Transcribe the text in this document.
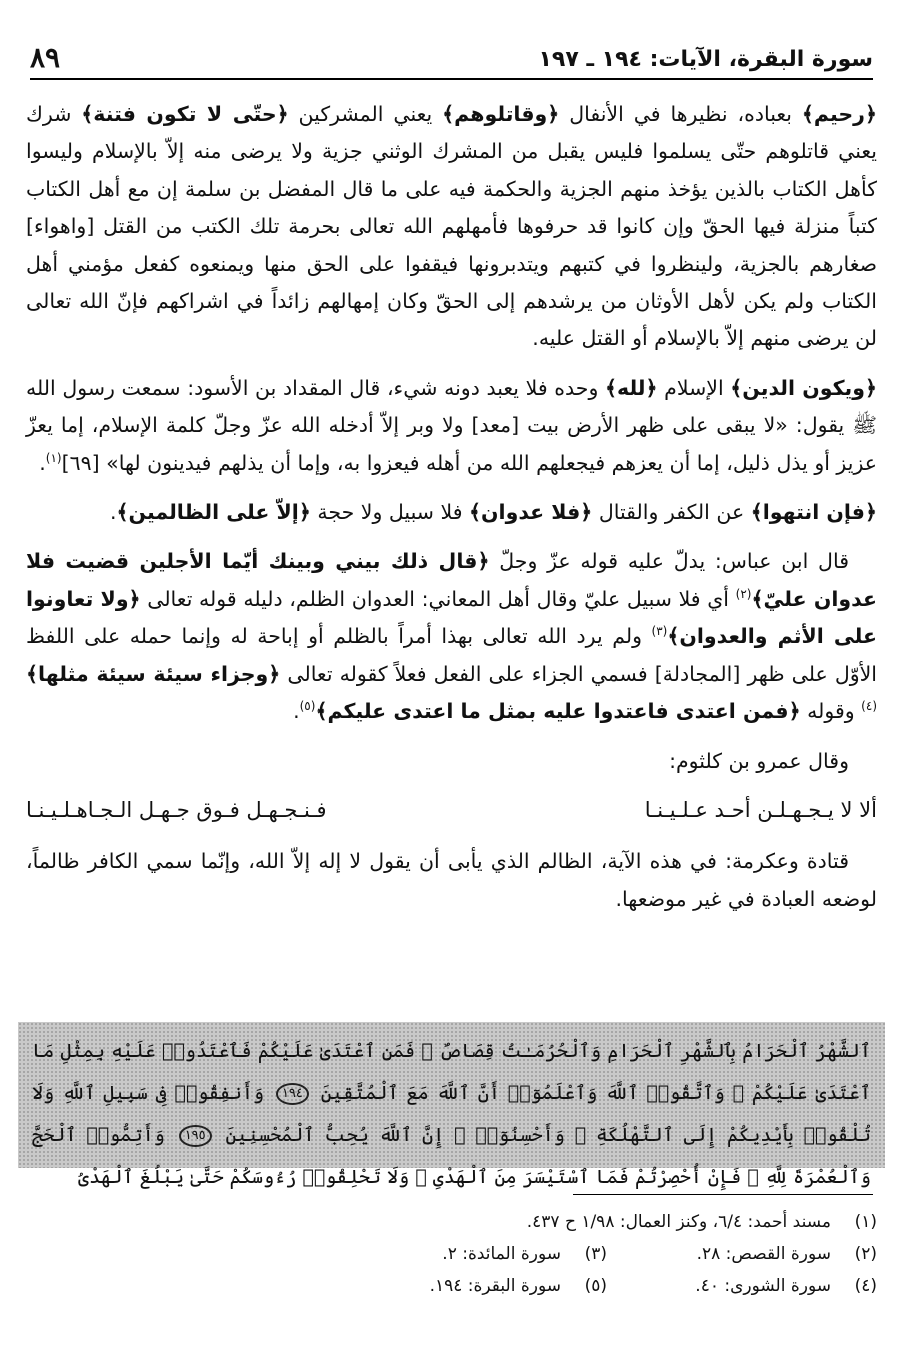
٨٩	سورة البقرة، الآيات: ١٩٤ ـ ١٩٧

﴿رحيم﴾ بعباده، نظيرها في الأنفال ﴿وقاتلوهم﴾ يعني المشركين ﴿حتّى لا تكون فتنة﴾ شرك يعني قاتلوهم حتّى يسلموا فليس يقبل من المشرك الوثني جزية ولا يرضى منه إلاّ بالإسلام وليسوا كأهل الكتاب بالذين يؤخذ منهم الجزية والحكمة فيه على ما قال المفضل بن سلمة إن مع أهل الكتاب كتباً منزلة فيها الحقّ وإن كانوا قد حرفوها فأمهلهم الله تعالى بحرمة تلك الكتب من القتل [واهواء] صغارهم بالجزية، ولينظروا في كتبهم ويتدبرونها فيقفوا على الحق منها ويمنعوه كفعل مؤمني أهل الكتاب ولم يكن لأهل الأوثان من يرشدهم إلى الحقّ وكان إمهالهم زائداً في اشراكهم فإنّ الله تعالى لن يرضى منهم إلاّ بالإسلام أو القتل عليه.

﴿ويكون الدين﴾ الإسلام ﴿لله﴾ وحده فلا يعبد دونه شيء، قال المقداد بن الأسود: سمعت رسول الله ﷺ يقول: «لا يبقى على ظهر الأرض بيت [معد] ولا وبر إلاّ أدخله الله عزّ وجلّ كلمة الإسلام، إما يعزّ عزيز أو يذل ذليل، إما أن يعزهم فيجعلهم الله من أهله فيعزوا به، وإما أن يذلهم فيدينون لها» [٦٩]$^{(١)}$.

﴿فإن انتهوا﴾ عن الكفر والقتال ﴿فلا عدوان﴾ فلا سبيل ولا حجة ﴿إلاّ على الظالمين﴾.

قال ابن عباس: يدلّ عليه قوله عزّ وجلّ ﴿قال ذلك بيني وبينك أيّما الأجلين قضيت فلا عدوان عليّ﴾$^{(٢)}$ أي فلا سبيل عليّ وقال أهل المعاني: العدوان الظلم، دليله قوله تعالى ﴿ولا تعاونوا على الأثم والعدوان﴾$^{(٣)}$ ولم يرد الله تعالى بهذا أمراً بالظلم أو إباحة له وإنما حمله على اللفظ الأوّل على ظهر [المجادلة] فسمي الجزاء على الفعل فعلاً كقوله تعالى ﴿وجزاء سيئة سيئة مثلها﴾$^{(٤)}$ وقوله ﴿فمن اعتدى فاعتدوا عليه بمثل ما اعتدى عليكم﴾$^{(٥)}$.

وقال عمرو بن كلثوم:

ألا لا يـجـهـلـن أحـد عـلـيـنـا
فـنـجـهـل فـوق جـهـل الـجـاهـلـيـنـا

قتادة وعكرمة: في هذه الآية، الظالم الذي يأبى أن يقول لا إله إلاّ الله، وإنّما سمي الكافر ظالماً، لوضعه العبادة في غير موضعها.

ٱلشَّهْرُ ٱلْحَرَامُ بِٱلشَّهْرِ ٱلْحَرَامِ وَٱلْحُرُمَـٰتُ قِصَاصٌ ۚ فَمَنِ ٱعْتَدَىٰ عَلَيْكُمْ فَٱعْتَدُوا۟ عَلَيْهِ بِمِثْلِ مَا ٱعْتَدَىٰ عَلَيْكُمْ ۚ وَٱتَّقُوا۟ ٱللَّهَ وَٱعْلَمُوٓا۟ أَنَّ ٱللَّهَ مَعَ ٱلْمُتَّقِينَ ١٩٤ وَأَنفِقُوا۟ فِى سَبِيلِ ٱللَّهِ وَلَا تُلْقُوا۟ بِأَيْدِيكُمْ إِلَى ٱلتَّهْلُكَةِ ۛ وَأَحْسِنُوٓا۟ ۛ إِنَّ ٱللَّهَ يُحِبُّ ٱلْمُحْسِنِينَ ١٩٥ وَأَتِمُّوا۟ ٱلْحَجَّ وَٱلْعُمْرَةَ لِلَّهِ ۚ فَإِنْ أُحْصِرْتُمْ فَمَا ٱسْتَيْسَرَ مِنَ ٱلْهَدْىِ ۖ وَلَا تَحْلِقُوا۟ رُءُوسَكُمْ حَتَّىٰ يَبْلُغَ ٱلْهَدْىُ
(١)
مسند أحمد: ٦/٤، وكنز العمال: ١/٩٨ ح ٤٣٧.
(٢)
سورة القصص: ٢٨.
(٣)
سورة المائدة: ٢.
(٤)
سورة الشورى: ٤٠.
(٥)
سورة البقرة: ١٩٤.
